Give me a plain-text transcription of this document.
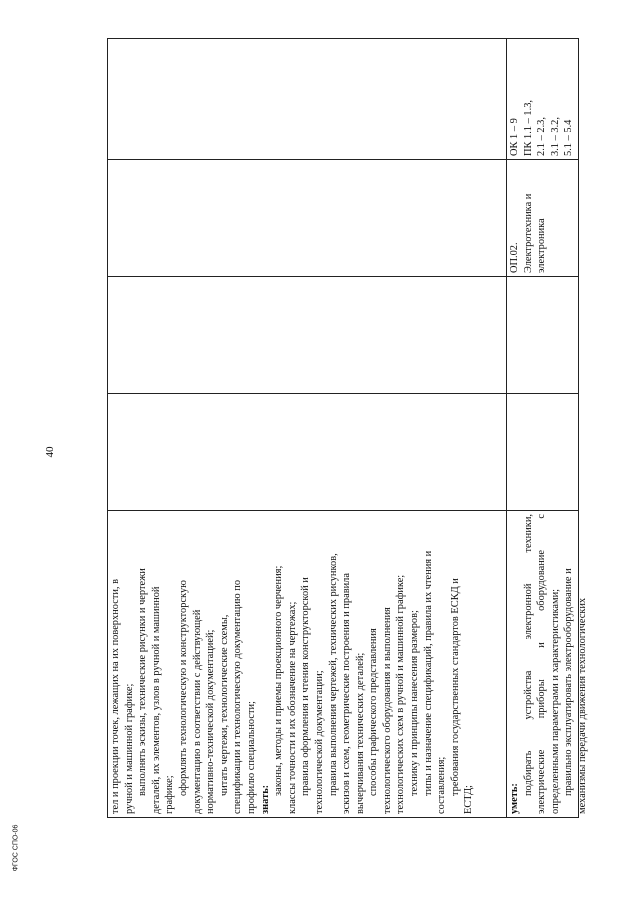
40
ФГОС СПО-06
тел и проекции точек, лежащих на их поверхности, в ручной и машинной графике; выполнять эскизы, технические рисунки и чертежи деталей, их элементов, узлов в ручной и машинной графике; оформлять технологическую и конструкторскую документацию в соответствии с действующей нормативно-технической документацией; читать чертежи, технологические схемы, спецификации и технологическую документацию по профилю специальности; знать:
законы, методы и приемы проекционного черчения; классы точности и их обозначение на чертежах; правила оформления и чтения конструкторской и технологической документации; правила выполнения чертежей, технических рисунков, эскизов и схем, геометрические построения и правила вычерчивания технических деталей; способы графического представления технологического оборудования и выполнения технологических схем в ручной и машинной графике; технику и принципы нанесения размеров; типы и назначение спецификаций, правила их чтения и составления; требования государственных стандартов ЕСКД и
ЕСТД;	уметь:
подбирать устройства электронной техники, электрические приборы и оборудование с определенными параметрами и характеристиками; правильно эксплуатировать электрооборудование и механизмы передачи движения технологических
ОП.02. Электротехника и электроника
ОК 1 – 9 ПК 1.1 – 1.3, 2.1 – 2.3, 3.1 – 3.2, 5.1 – 5.4
